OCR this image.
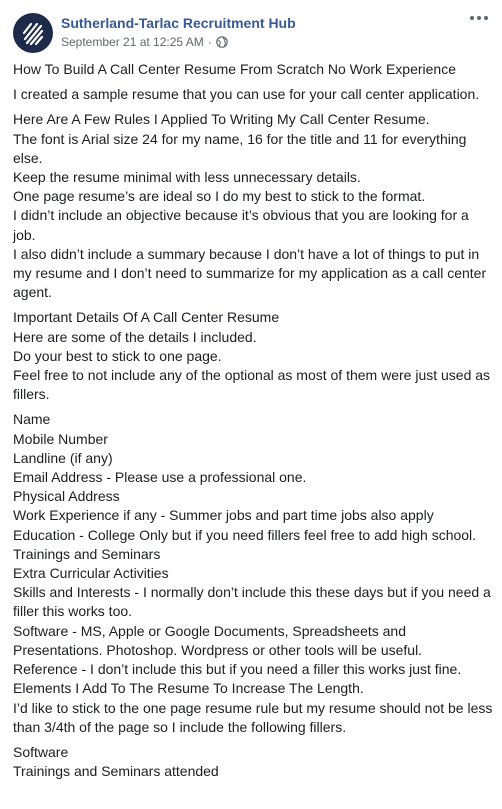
Sutherland-Tarlac Recruitment Hub
September 21 at 12:25 AM ·
How To Build A Call Center Resume From Scratch No Work Experience
I created a sample resume that you can use for your call center application.
Here Are A Few Rules I Applied To Writing My Call Center Resume.
The font is Arial size 24 for my name, 16 for the title and 11 for everything else.
Keep the resume minimal with less unnecessary details.
One page resume’s are ideal so I do my best to stick to the format.
I didn’t include an objective because it’s obvious that you are looking for a job.
I also didn’t include a summary because I don’t have a lot of things to put in my resume and I don’t need to summarize for my application as a call center agent.
Important Details Of A Call Center Resume
Here are some of the details I included.
Do your best to stick to one page.
Feel free to not include any of the optional as most of them were just used as fillers.
Name
Mobile Number
Landline (if any)
Email Address - Please use a professional one.
Physical Address
Work Experience if any - Summer jobs and part time jobs also apply
Education - College Only but if you need fillers feel free to add high school.
Trainings and Seminars
Extra Curricular Activities
Skills and Interests - I normally don’t include this these days but if you need a filler this works too.
Software - MS, Apple or Google Documents, Spreadsheets and Presentations. Photoshop. Wordpress or other tools will be useful.
Reference - I don’t include this but if you need a filler this works just fine.
Elements I Add To The Resume To Increase The Length.
I’d like to stick to the one page resume rule but my resume should not be less than 3/4th of the page so I include the following fillers.
Software
Trainings and Seminars attended
